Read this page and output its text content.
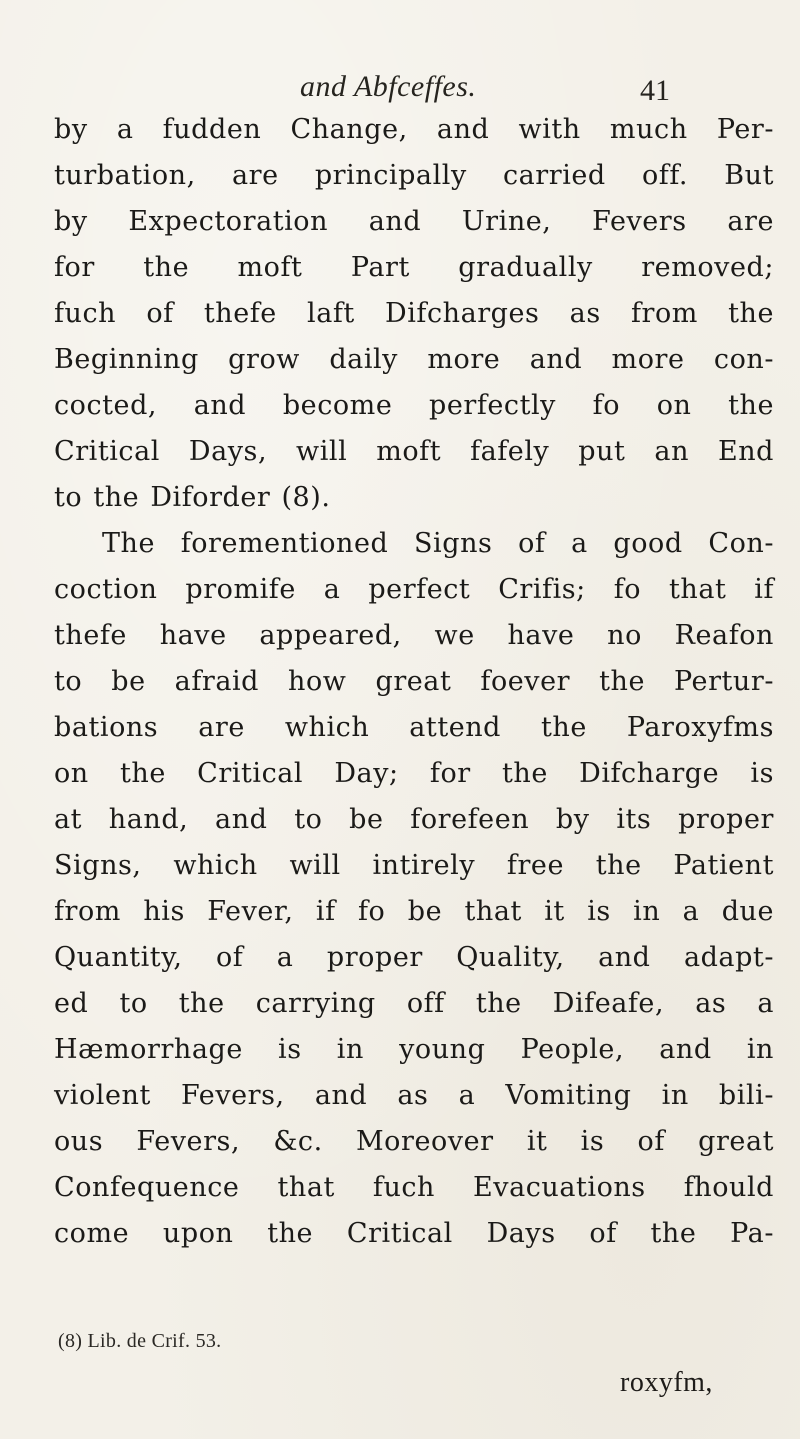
and Abfceffes.	41
by a fudden Change, and with much Per-
turbation, are principally carried off. But
by Expectoration and Urine, Fevers are
for the moft Part gradually removed;
fuch of thefe laft Difcharges as from the
Beginning grow daily more and more con-
cocted, and become perfectly fo on the
Critical Days, will moft fafely put an End
to the Diforder (8).
The forementioned Signs of a good Con-
coction promife a perfect Crifis; fo that if
thefe have appeared, we have no Reafon
to be afraid how great foever the Pertur-
bations are which attend the Paroxyfms
on the Critical Day; for the Difcharge is
at hand, and to be forefeen by its proper
Signs, which will intirely free the Patient
from his Fever, if fo be that it is in a due
Quantity, of a proper Quality, and adapt-
ed to the carrying off the Difeafe, as a
Hæmorrhage is in young People, and in
violent Fevers, and as a Vomiting in bili-
ous Fevers, &c. Moreover it is of great
Confequence that fuch Evacuations fhould
come upon the Critical Days of the Pa-
(8) Lib. de Crif. 53.
roxyfm,
